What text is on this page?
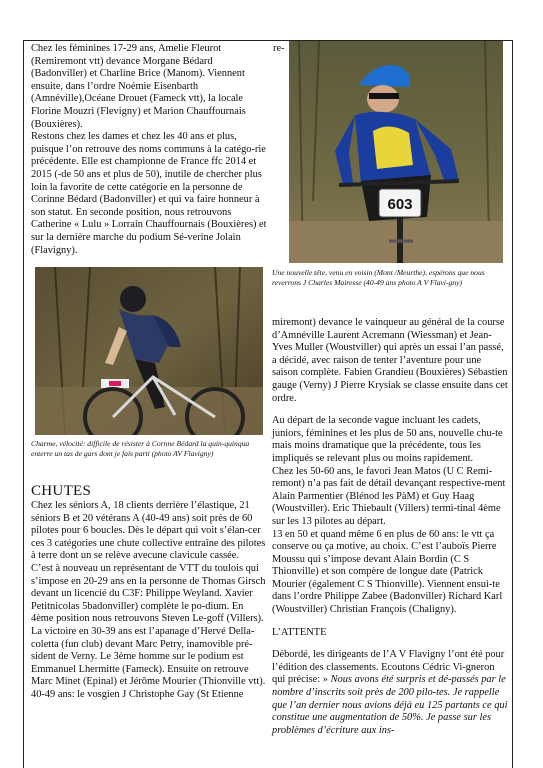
Chez les féminines 17-29 ans, Amelie Fleurot (Remiremont vtt) devance Morgane Bédard (Badonviller) et Charline Brice (Manom). Viennent ensuite, dans l’ordre Noémie Eisenbarth (Amnéville),Océane Drouet (Fameck vtt), la locale Florine Mouzri (Flevigny) et Marion Chauffournais (Bouxières).

Restons chez les dames et chez les 40 ans et plus, puisque l’on retrouve des noms communs à la catégo-rie précédente. Elle est championne de France ffc 2014 et 2015 (-de 50 ans et plus de 50), inutile de chercher plus loin la favorite de cette catégorie en la personne de Corinne Bédard (Badonviller) et qui va faire honneur à son statut. En seconde position, nous retrouvons Catherine « Lulu » Lorrain Chauffournais (Bouxières) et sur la dernière marche du podium Sé-verine Jolain (Flavigny).

Charme, vélocité: difficile de résister à Cornne Bédard la quin-quinquа enterre un tas de gars dont je fais parti (photo AV Flavigny)

CHUTES

Chez les séniors A, 18 clients derrière l’élastique, 21 séniors B et 20 vétérans A (40-49 ans) soit près de 60 pilotes pour 6 boucles. Dès le départ qui voit s’élan-cer ces 3 catégories une chute collective entraîne des pilotes à terre dont un se relève avecune clavicule cassée.

C’est à nouveau un représentant de VTT du toulois qui s’impose en 20-29 ans en la personne de Thomas Girsch devant un licencié du C3F: Philippe Weyland. Xavier Petitnicolas 5badonviller) complète le po-dium. En 4ème position nous retrouvons Steven Le-goff (Villers).

La victoire en 30-39 ans est l’apanage d’Hervé Della-coletta (fun club) devant Marc Petry, inamovible pré-sident de Verny. Le 3ème homme sur le podium est Emmanuel Lhermitte (Fameck). Ensuite on retrouve Marc Minet (Epinal) et Jérôme Mourier (Thionville vtt).

40-49 ans: le vosgien J Christophe Gay (St Etienne

re-

603

Une nouvelle tête, venu en voisin (Mont /Meurthe), espérons que nous reverrons J Charles Mairesse (40-49 ans photo A V Flavi-gny)

miremont) devance le vainqueur au général de la course d’Amnéville Laurent Acremann (Wiessman) et Jean-Yves Muller (Woustviller) qui après un essai l’an passé, a décidé, avec raison de tenter l’aventure pour une saison complète. Fabien Grandieu (Bouxières) Sébastien gauge (Verny) J Pierre Krysiak se classe ensuite dans cet ordre.

Au départ de la seconde vague incluant les cadets, juniors, féminines et les plus de 50 ans, nouvelle chu-te mais moins dramatique que la précédente, tous les impliqués se relevant plus ou moins rapidement.

Chez les 50-60 ans, le favori Jean Matos (U C Remi-remont) n’a pas fait de détail devançant respective-ment Alain Parmentier (Blénod les PàM) et Guy Haag (Woustviller). Eric Thiebault (Villers) termi-tinal 4ème sur les 13 pilotes au départ.

13 en 50 et quand même 6 en plus de 60 ans: le vtt ça conserve ou ça motive, au choix. C’est l’auboïs Pierre Moussu qui s’impose devant Alain Bordin (C S Thionville) et son compère de longue date (Patrick Mourier (également C S Thionville). Viennent ensui-te dans l’ordre Philippe Zabee (Badonviller) Richard Karl (Woustviller) Christian François (Chaligny).

L’ATTENTE

Débordé, les dirigeants de l’A V Flavigny l’ont été pour l’édition des classements. Ecoutons Cédric Vi-gneron qui précise: » Nous avons été surpris et dé-passés par le nombre d’inscrits soit près de 200 pilo-tes. Je rappelle que l’an dernier nous avions déjà eu 125 partants ce qui constitue une augmentation de 50%. Je passe sur les problèmes d’écriture aux ins-
